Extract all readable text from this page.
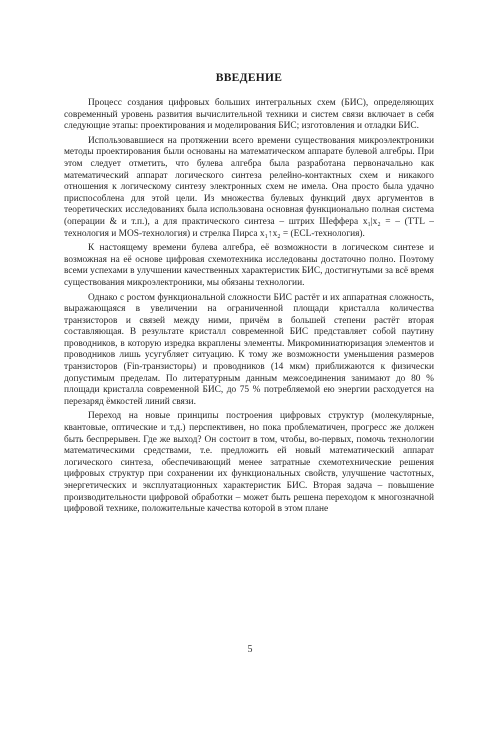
ВВЕДЕНИЕ

Процесс создания цифровых больших интегральных схем (БИС), определяющих современный уровень развития вычислительной техники и систем связи включает в себя следующие этапы: проектирования и моделирования БИС; изготовления и отладки БИС.

Использовавшиеся на протяжении всего времени существования микроэлектроники методы проектирования были основаны на математическом аппарате булевой алгебры. При этом следует отметить, что булева алгебра была разработана первоначально как математический аппарат логического синтеза релейно-контактных схем и никакого отношения к логическому синтезу электронных схем не имела. Она просто была удачно приспособлена для этой цели. Из множества булевых функций двух аргументов в теоретических исследованиях была использована основная функционально полная система (операции & и т.п.), а для практического синтеза – штрих Шеффера x₁|x₂ = – (TTL – технология и MOS-технология) и стрелка Пирса x₁↑x₂ = (ECL-технология).

К настоящему времени булева алгебра, её возможности в логическом синтезе и возможная на её основе цифровая схемотехника исследованы достаточно полно. Поэтому всеми успехами в улучшении качественных характеристик БИС, достигнутыми за всё время существования микроэлектроники, мы обязаны технологии.

Однако с ростом функциональной сложности БИС растёт и их аппаратная сложность, выражающаяся в увеличении на ограниченной площади кристалла количества транзисторов и связей между ними, причём в большей степени растёт вторая составляющая. В результате кристалл современной БИС представляет собой паутину проводников, в которую изредка вкраплены элементы. Микроминиатюризация элементов и проводников лишь усугубляет ситуацию. К тому же возможности уменьшения размеров транзисторов (Fin-транзисторы) и проводников (14 мкм) приближаются к физически допустимым пределам. По литературным данным межсоединения занимают до 80 % площади кристалла современной БИС, до 75 % потребляемой ею энергии расходуется на перезаряд ёмкостей линий связи.

Переход на новые принципы построения цифровых структур (молекулярные, квантовые, оптические и т.д.) перспективен, но пока проблематичен, прогресс же должен быть беспрерывен. Где же выход? Он состоит в том, чтобы, во-первых, помочь технологии математическими средствами, т.е. предложить ей новый математический аппарат логического синтеза, обеспечивающий менее затратные схемотехнические решения цифровых структур при сохранении их функциональных свойств, улучшение частотных, энергетических и эксплуатационных характеристик БИС. Вторая задача – повышение производительности цифровой обработки – может быть решена переходом к многозначной цифровой технике, положительные качества которой в этом плане

5
